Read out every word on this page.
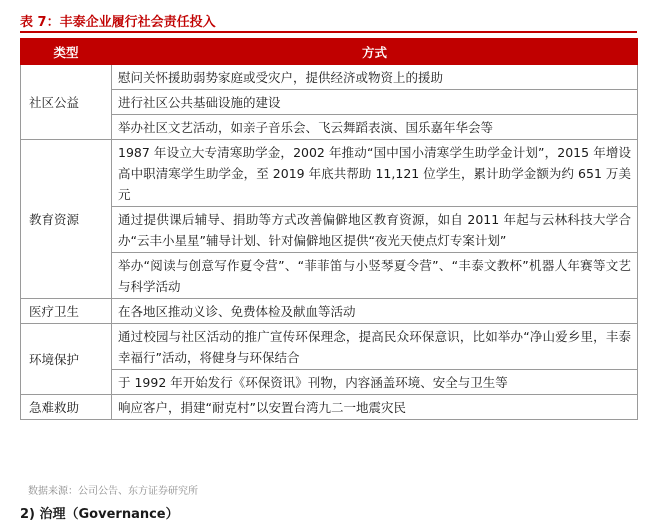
表 7：丰泰企业履行社会责任投入
类型	方式
社区公益	慰问关怀援助弱势家庭或受灾户，提供经济或物资上的援助
	进行社区公共基础设施的建设
	举办社区文艺活动，如亲子音乐会、飞云舞蹈表演、国乐嘉年华会等
教育资源	1987 年设立大专清寒助学金，2002 年推动“国中国小清寒学生助学金计划”，2015 年增设高中职清寒学生助学金，至 2019 年底共帮助 11,121 位学生，累计助学金额为约 651 万美元
	通过提供课后辅导、捐助等方式改善偏僻地区教育资源，如自 2011 年起与云林科技大学合办“云丰小星星”辅导计划、针对偏僻地区提供“夜光天使点灯专案计划”
	举办“阅读与创意写作夏令营”、“菲菲笛与小竖琴夏令营”、“丰泰文教杯”机器人年赛等文艺与科学活动
医疗卫生	在各地区推动义诊、免费体检及献血等活动
环境保护	通过校园与社区活动的推广宣传环保理念，提高民众环保意识，比如举办“净山爱乡里，丰泰幸福行”活动，将健身与环保结合
	于 1992 年开始发行《环保资讯》刊物，内容涵盖环境、安全与卫生等
急难救助	响应客户，捐建“耐克村”以安置台湾九二一地震灾民
数据来源：公司公告、东方证券研究所
2) 治理（Governance）
